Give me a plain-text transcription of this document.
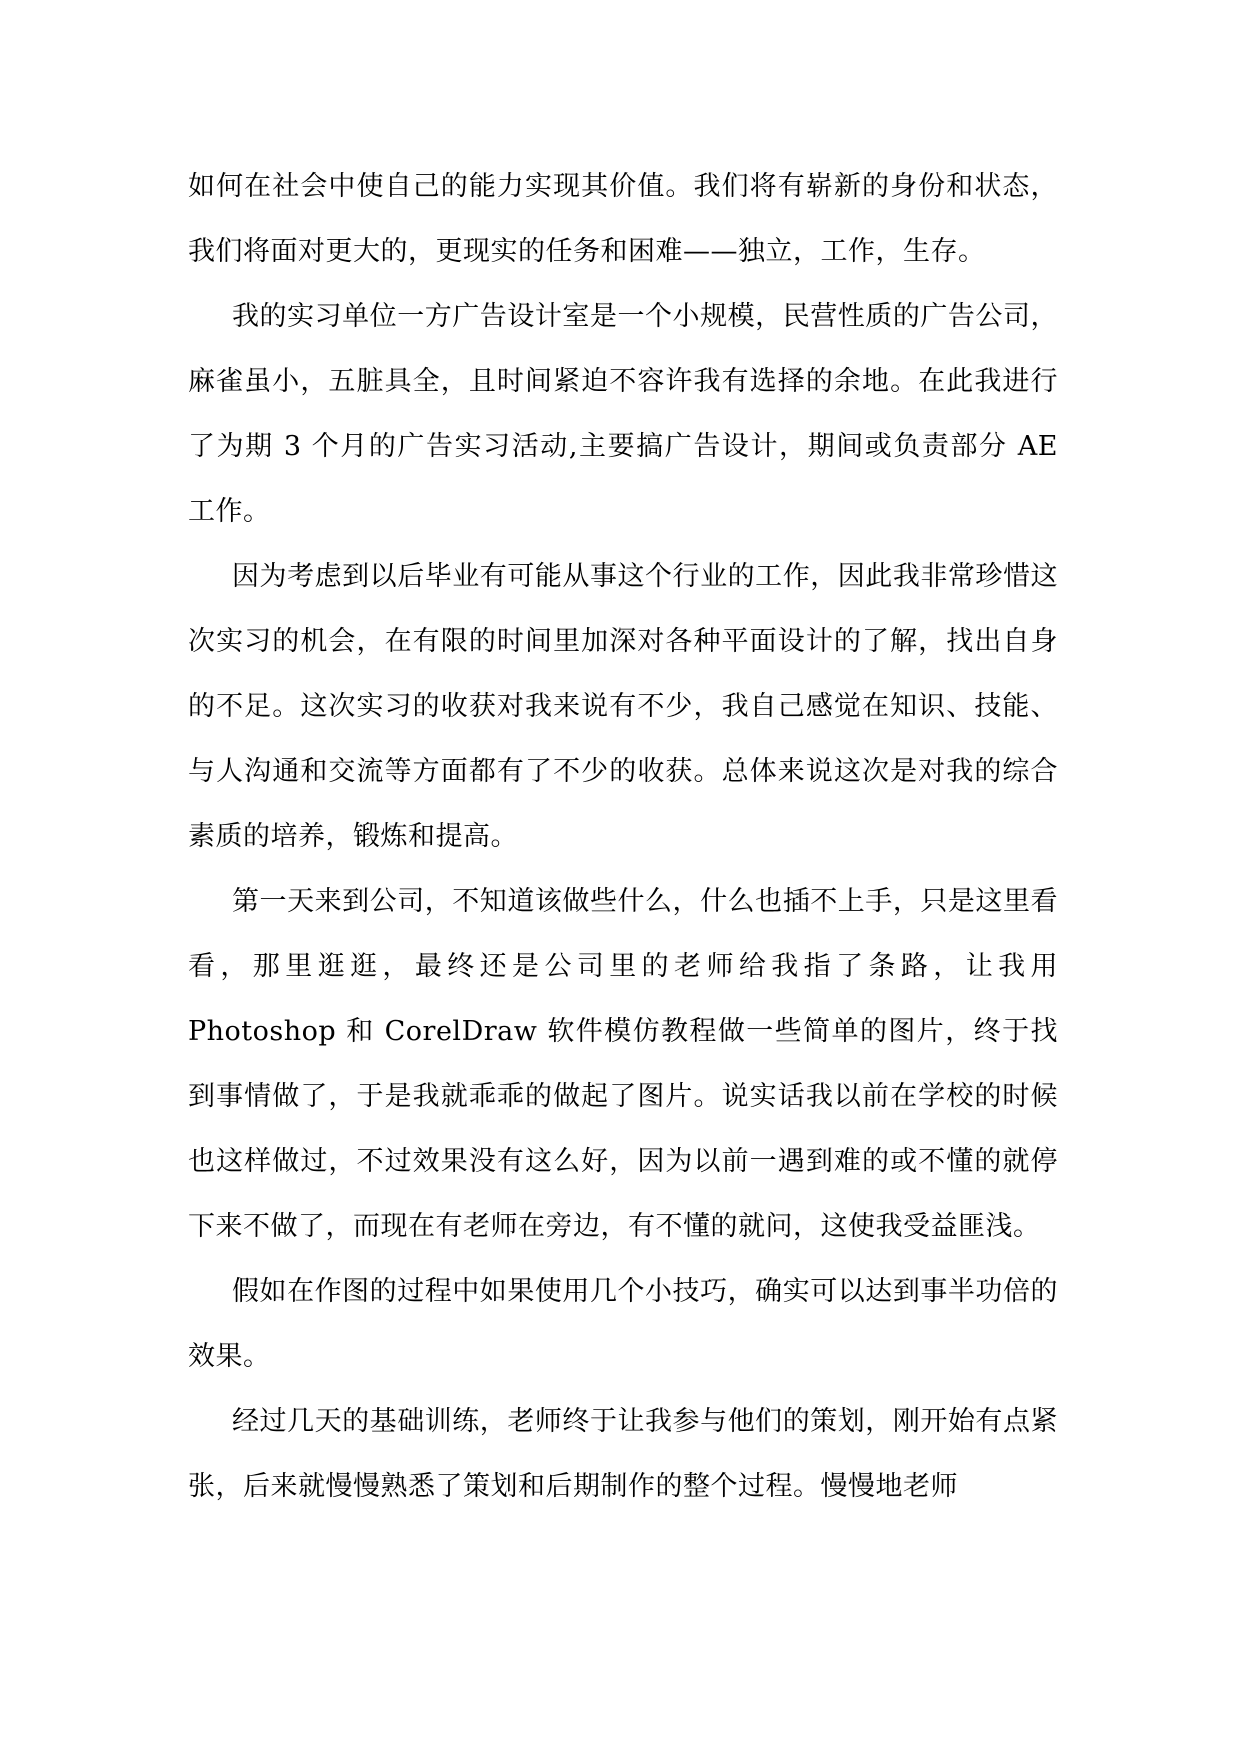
如何在社会中使自己的能力实现其价值。我们将有崭新的身份和状态，我们将面对更大的，更现实的任务和困难——独立，工作，生存。

我的实习单位一方广告设计室是一个小规模，民营性质的广告公司，麻雀虽小，五脏具全，且时间紧迫不容许我有选择的余地。在此我进行了为期 3 个月的广告实习活动,主要搞广告设计，期间或负责部分 AE 工作。

因为考虑到以后毕业有可能从事这个行业的工作，因此我非常珍惜这次实习的机会，在有限的时间里加深对各种平面设计的了解，找出自身的不足。这次实习的收获对我来说有不少，我自己感觉在知识、技能、与人沟通和交流等方面都有了不少的收获。总体来说这次是对我的综合素质的培养，锻炼和提高。

第一天来到公司，不知道该做些什么，什么也插不上手，只是这里看看，那里逛逛，最终还是公司里的老师给我指了条路，让我用 Photoshop 和 CorelDraw 软件模仿教程做一些简单的图片，终于找到事情做了，于是我就乖乖的做起了图片。说实话我以前在学校的时候也这样做过，不过效果没有这么好，因为以前一遇到难的或不懂的就停下来不做了，而现在有老师在旁边，有不懂的就问，这使我受益匪浅。

假如在作图的过程中如果使用几个小技巧，确实可以达到事半功倍的效果。

经过几天的基础训练，老师终于让我参与他们的策划，刚开始有点紧张，后来就慢慢熟悉了策划和后期制作的整个过程。慢慢地老师
